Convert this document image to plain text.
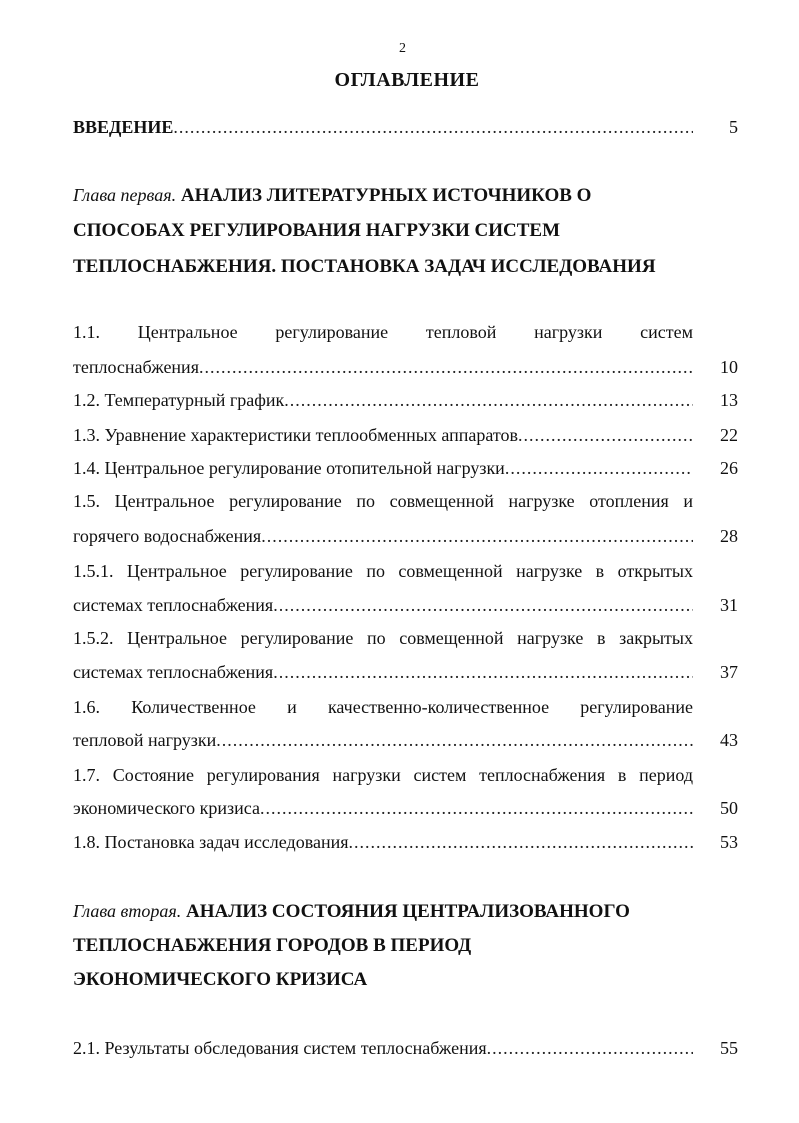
2
ОГЛАВЛЕНИЕ
ВВЕДЕНИЕ .....	5
Глава первая. АНАЛИЗ ЛИТЕРАТУРНЫХ ИСТОЧНИКОВ О
СПОСОБАХ РЕГУЛИРОВАНИЯ НАГРУЗКИ СИСТЕМ
ТЕПЛОСНАБЖЕНИЯ. ПОСТАНОВКА ЗАДАЧ ИССЛЕДОВАНИЯ
1.1. Центральное регулирование тепловой нагрузки систем
теплоснабжения .....	10
1.2. Температурный график .....	13
1.3. Уравнение характеристики теплообменных аппаратов .....	22
1.4. Центральное регулирование отопительной нагрузки .....	26
1.5. Центральное регулирование по совмещенной нагрузке отопления и
горячего водоснабжения .....	28
1.5.1. Центральное регулирование по совмещенной нагрузке в открытых
системах теплоснабжения .....	31
1.5.2. Центральное регулирование по совмещенной нагрузке в закрытых
системах теплоснабжения .....	37
1.6. Количественное и качественно-количественное регулирование
тепловой нагрузки .....	43
1.7. Состояние регулирования нагрузки систем теплоснабжения в период
экономического кризиса .....	50
1.8. Постановка задач исследования .....	53
Глава вторая. АНАЛИЗ СОСТОЯНИЯ ЦЕНТРАЛИЗОВАННОГО
ТЕПЛОСНАБЖЕНИЯ ГОРОДОВ В ПЕРИОД
ЭКОНОМИЧЕСКОГО КРИЗИСА
2.1. Результаты обследования систем теплоснабжения .....	55
